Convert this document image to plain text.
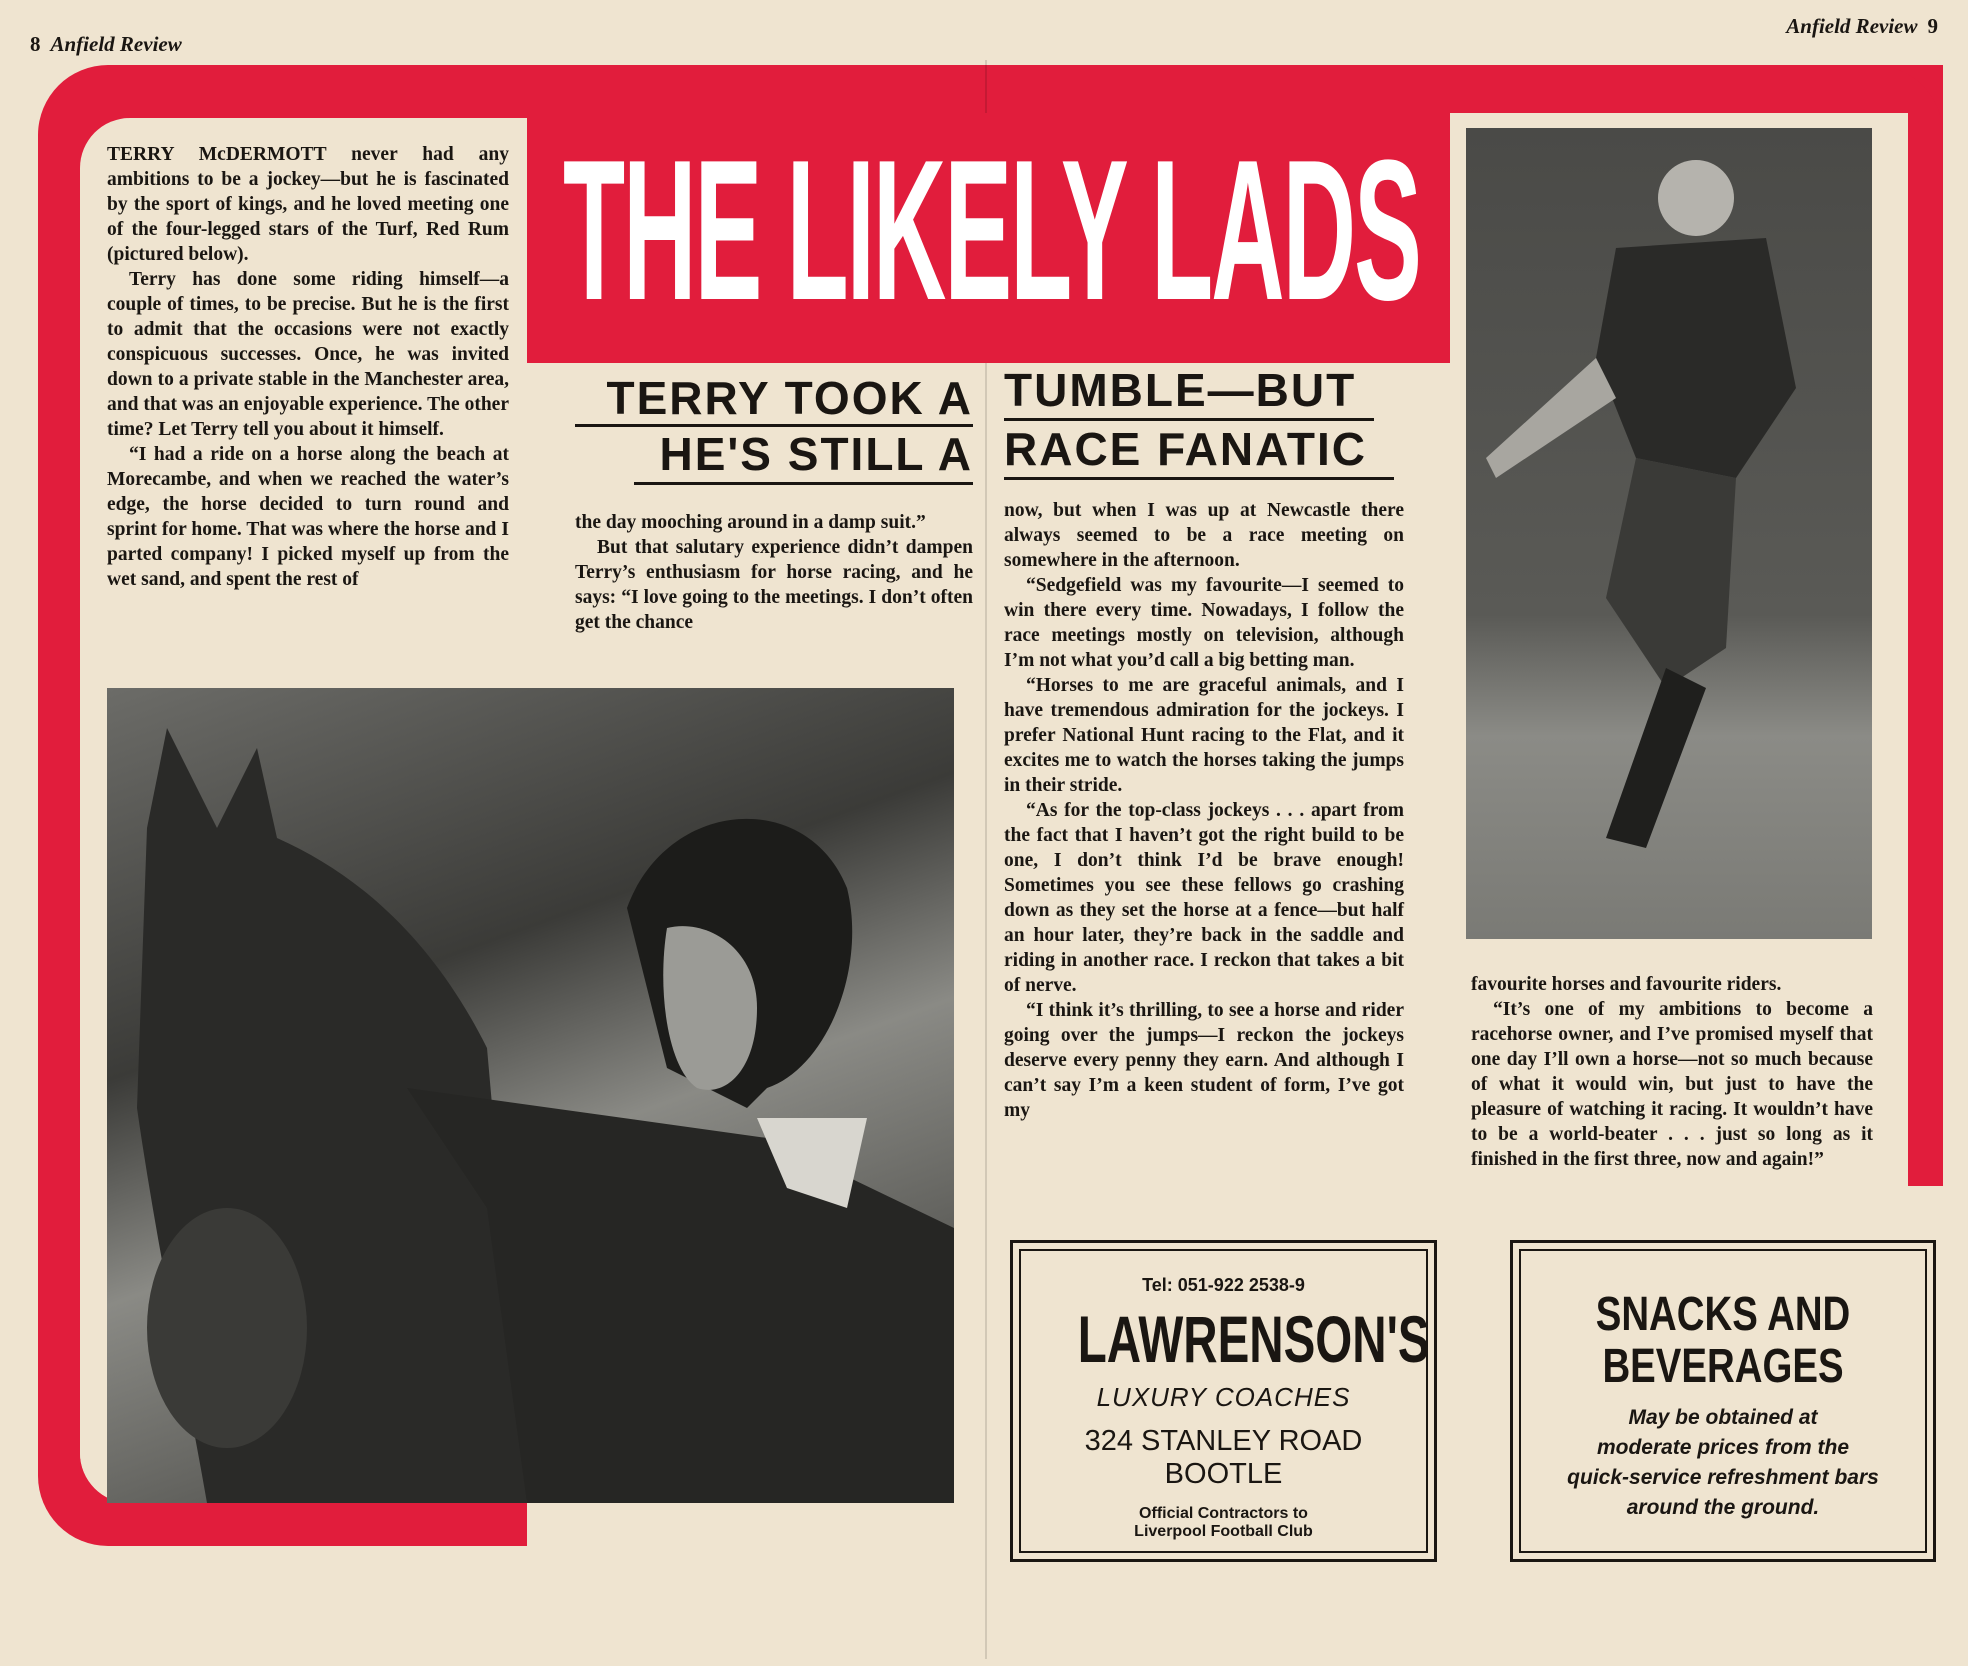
8 Anfield Review
Anfield Review 9
THE LIKELY LADS
TERRY TOOK A
HE'S STILL A
TUMBLE—BUT
RACE FANATIC

TERRY McDERMOTT never had any ambitions to be a jockey—but he is fascinated by the sport of kings, and he loved meeting one of the four-legged stars of the Turf, Red Rum (pictured below).

Terry has done some riding himself—a couple of times, to be precise. But he is the first to admit that the occasions were not exactly conspicuous successes. Once, he was invited down to a private stable in the Manchester area, and that was an enjoyable experience. The other time? Let Terry tell you about it himself.

“I had a ride on a horse along the beach at Morecambe, and when we reached the water’s edge, the horse decided to turn round and sprint for home. That was where the horse and I parted company! I picked myself up from the wet sand, and spent the rest of

the day mooching around in a damp suit.”

But that salutary experience didn’t dampen Terry’s enthusiasm for horse racing, and he says: “I love going to the meetings. I don’t often get the chance

now, but when I was up at Newcastle there always seemed to be a race meeting on somewhere in the afternoon.

“Sedgefield was my favourite—I seemed to win there every time. Nowadays, I follow the race meetings mostly on television, although I’m not what you’d call a big betting man.

“Horses to me are graceful animals, and I have tremendous admiration for the jockeys. I prefer National Hunt racing to the Flat, and it excites me to watch the horses taking the jumps in their stride.

“As for the top-class jockeys . . . apart from the fact that I haven’t got the right build to be one, I don’t think I’d be brave enough! Sometimes you see these fellows go crashing down as they set the horse at a fence—but half an hour later, they’re back in the saddle and riding in another race. I reckon that takes a bit of nerve.

“I think it’s thrilling, to see a horse and rider going over the jumps—I reckon the jockeys deserve every penny they earn. And although I can’t say I’m a keen student of form, I’ve got my

favourite horses and favourite riders.

“It’s one of my ambitions to become a racehorse owner, and I’ve promised myself that one day I’ll own a horse—not so much because of what it would win, but just to have the pleasure of watching it racing. It wouldn’t have to be a world-beater . . . just so long as it finished in the first three, now and again!”

Tel: 051-922 2538-9
LAWRENSON'S
LUXURY COACHES
324 STANLEY ROAD
BOOTLE
Official Contractors to
Liverpool Football Club
SNACKS AND
BEVERAGES
May be obtained at
moderate prices from the
quick-service refreshment bars
around the ground.
